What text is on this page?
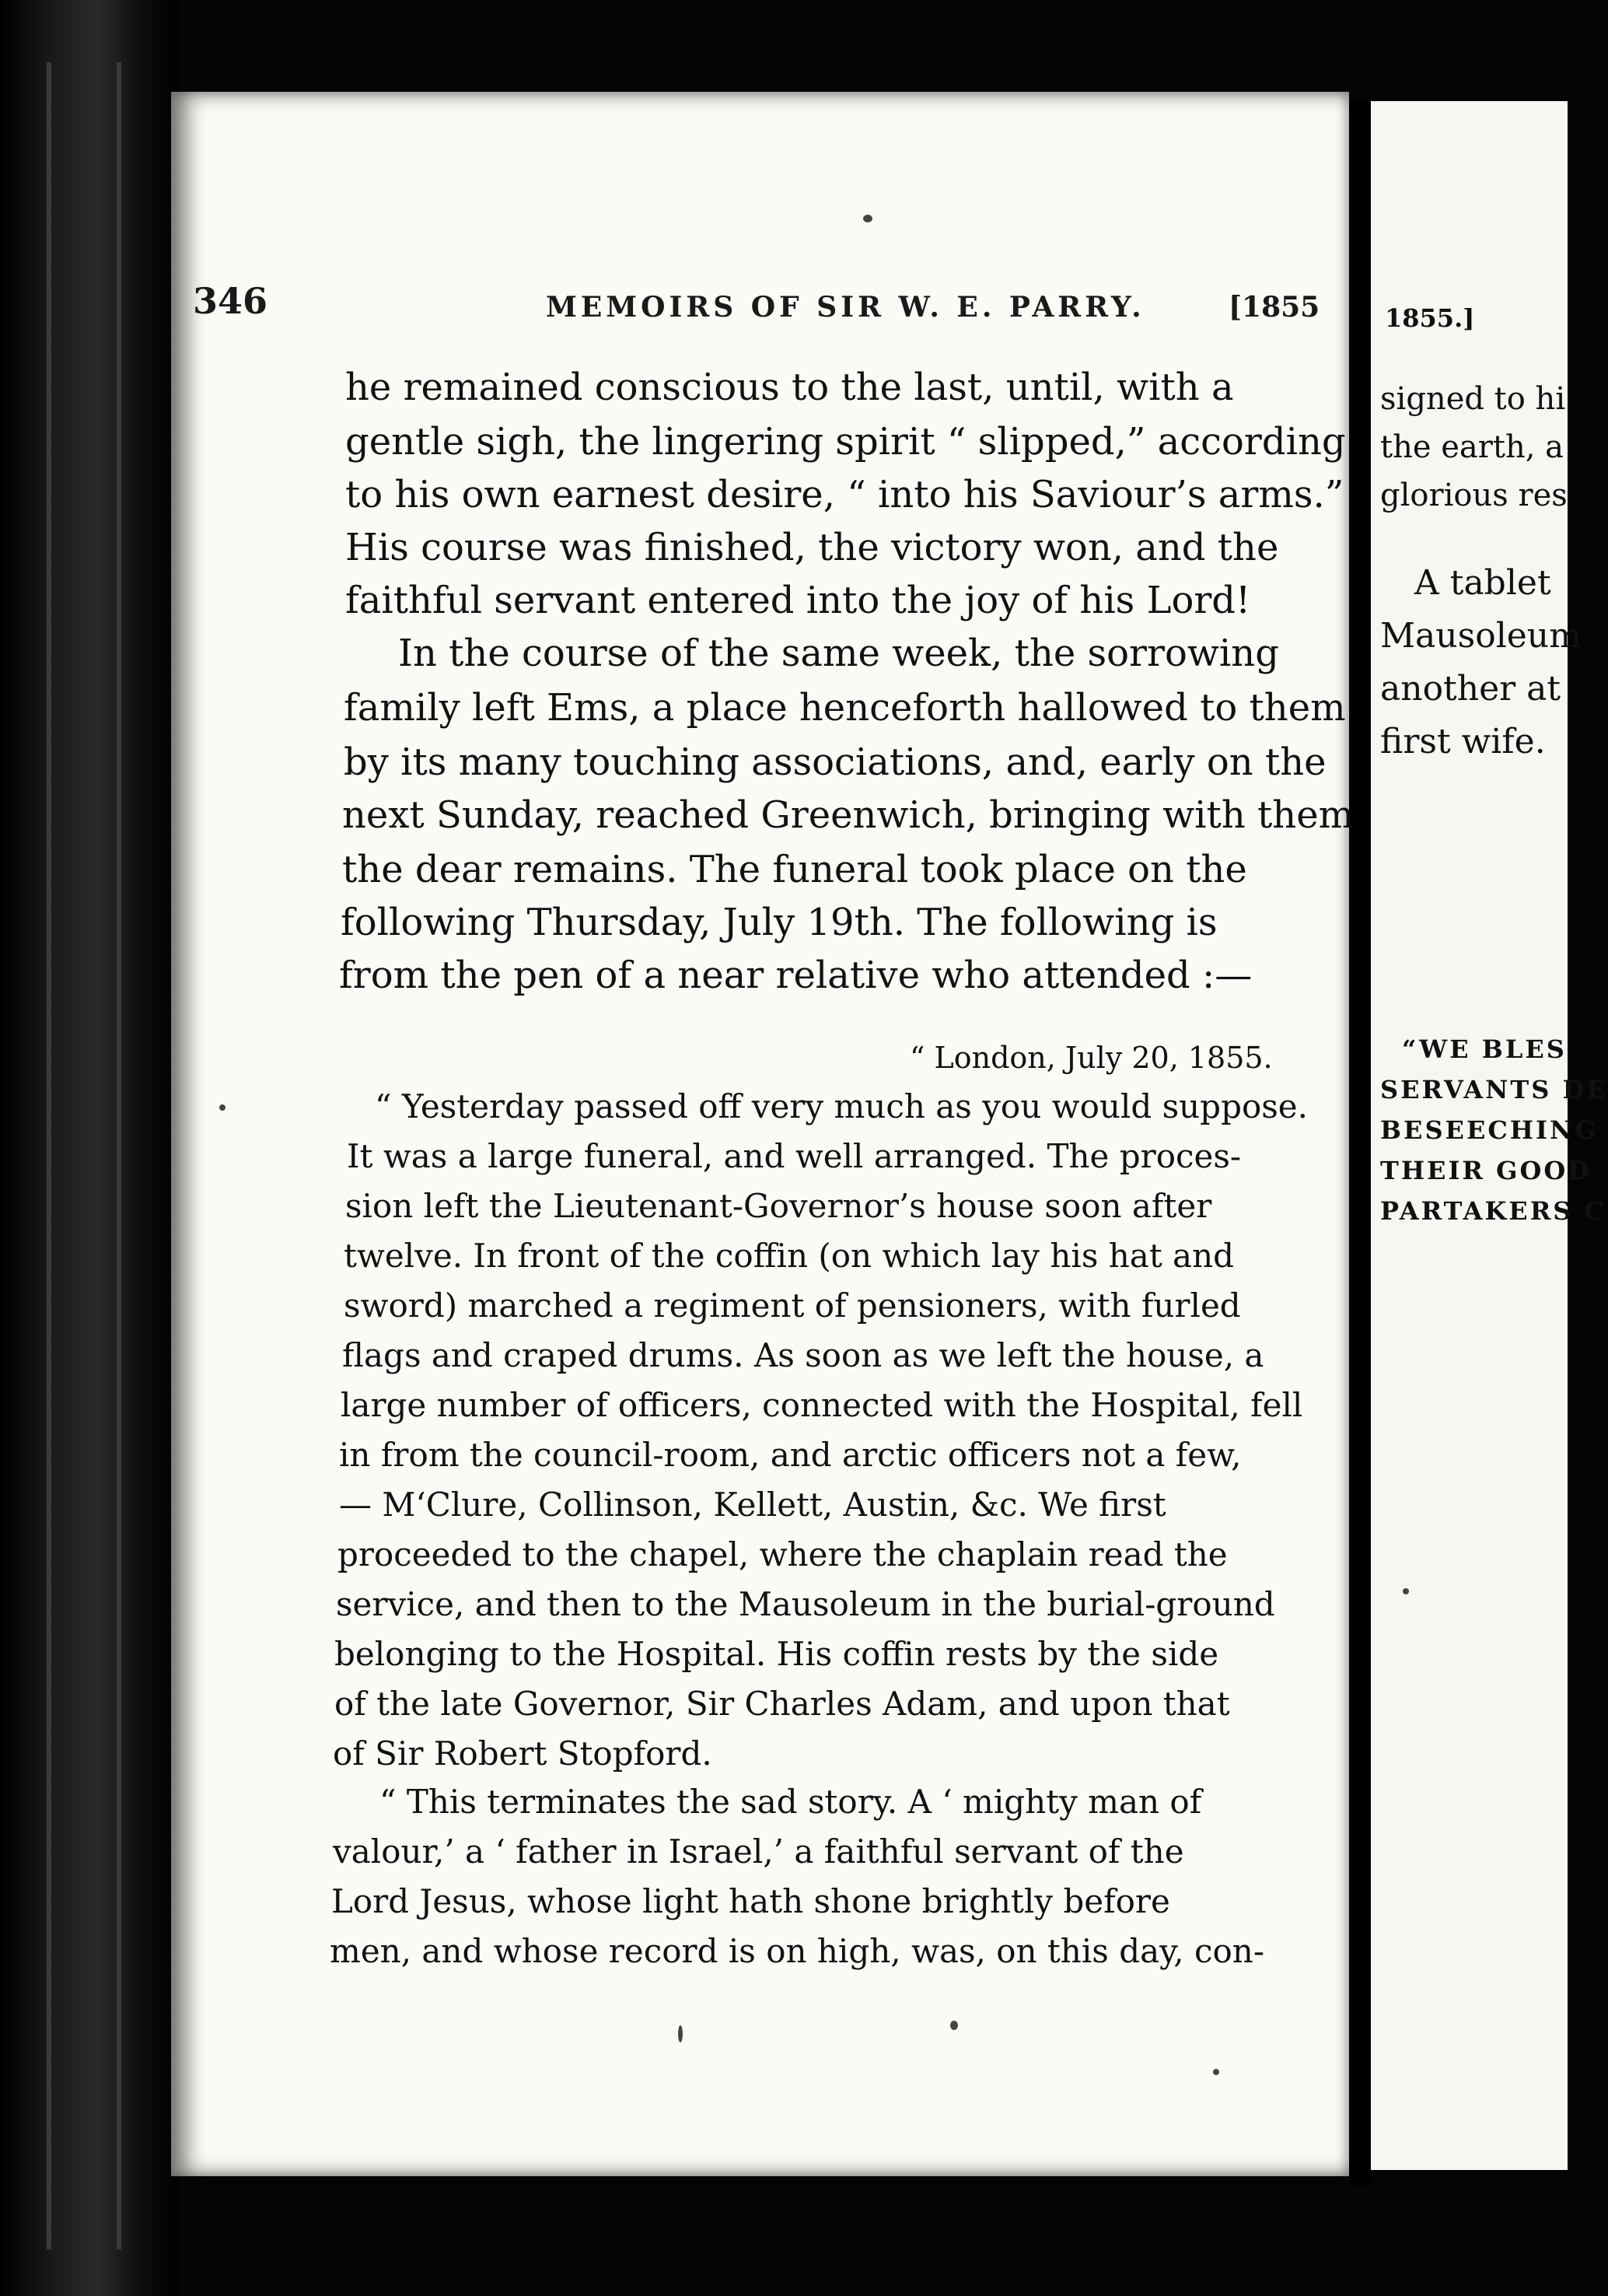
346	MEMOIRS OF SIR W. E. PARRY.	[1855
he remained conscious to the last, until, with a
gentle sigh, the lingering spirit “ slipped,” according
to his own earnest desire, “ into his Saviour’s arms.”
His course was finished, the victory won, and the
faithful servant entered into the joy of his Lord!
In the course of the same week, the sorrowing
family left Ems, a place henceforth hallowed to them
by its many touching associations, and, early on the
next Sunday, reached Greenwich, bringing with them
the dear remains. The funeral took place on the
following Thursday, July 19th. The following is
from the pen of a near relative who attended :—
“ London, July 20, 1855.
“ Yesterday passed off very much as you would suppose.
It was a large funeral, and well arranged. The proces-
sion left the Lieutenant-Governor’s house soon after
twelve. In front of the coffin (on which lay his hat and
sword) marched a regiment of pensioners, with furled
flags and craped drums. As soon as we left the house, a
large number of officers, connected with the Hospital, fell
in from the council-room, and arctic officers not a few,
— M‘Clure, Collinson, Kellett, Austin, &c. We first
proceeded to the chapel, where the chaplain read the
service, and then to the Mausoleum in the burial-ground
belonging to the Hospital. His coffin rests by the side
of the late Governor, Sir Charles Adam, and upon that
of Sir Robert Stopford.
“ This terminates the sad story. A ‘ mighty man of
valour,’ a ‘ father in Israel,’ a faithful servant of the
Lord Jesus, whose light hath shone brightly before
men, and whose record is on high, was, on this day, con-
1855.]
signed to hi
the earth, a
glorious res
A tablet
Mausoleum
another at
first wife.
“WE BLES
SERVANTS DE
BESEECHING
THEIR GOOD
PARTAKERS C
